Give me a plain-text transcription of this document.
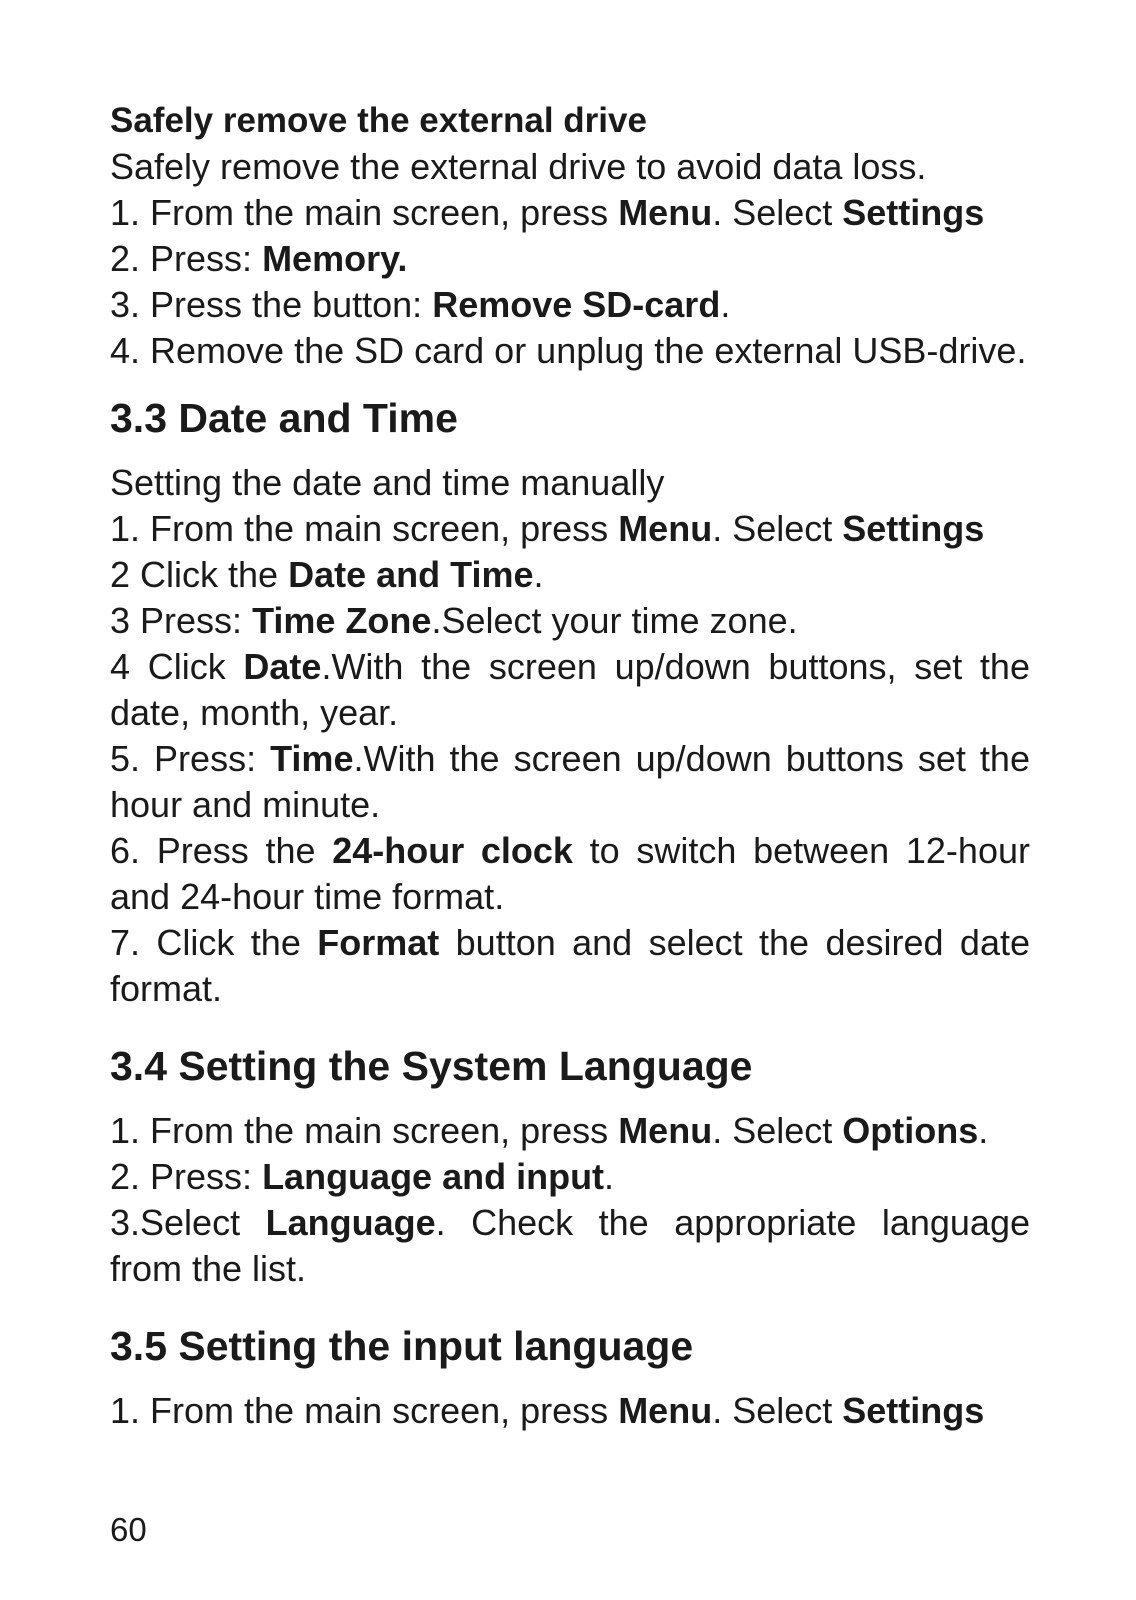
Safely remove the external drive

Safely remove the external drive to avoid data loss.

1. From the main screen, press Menu. Select Settings

2. Press: Memory.

3. Press the button: Remove SD-card.

4. Remove the SD card or unplug the external USB-drive.

3.3 Date and Time

Setting the date and time manually

1. From the main screen, press Menu. Select Settings

2 Click the Date and Time.

3 Press: Time Zone.Select your time zone.

4 Click Date.With the screen up/down buttons, set the date, month, year.

5. Press: Time.With the screen up/down buttons set the hour and minute.

6. Press the 24-hour clock to switch between 12-hour and 24-hour time format.

7. Click the Format button and select the desired date format.

3.4 Setting the System Language

1. From the main screen, press Menu. Select Options.

2. Press: Language and input.

3.Select Language. Check the appropriate language from the list.

3.5 Setting the input language

1. From the main screen, press Menu. Select Settings

60
